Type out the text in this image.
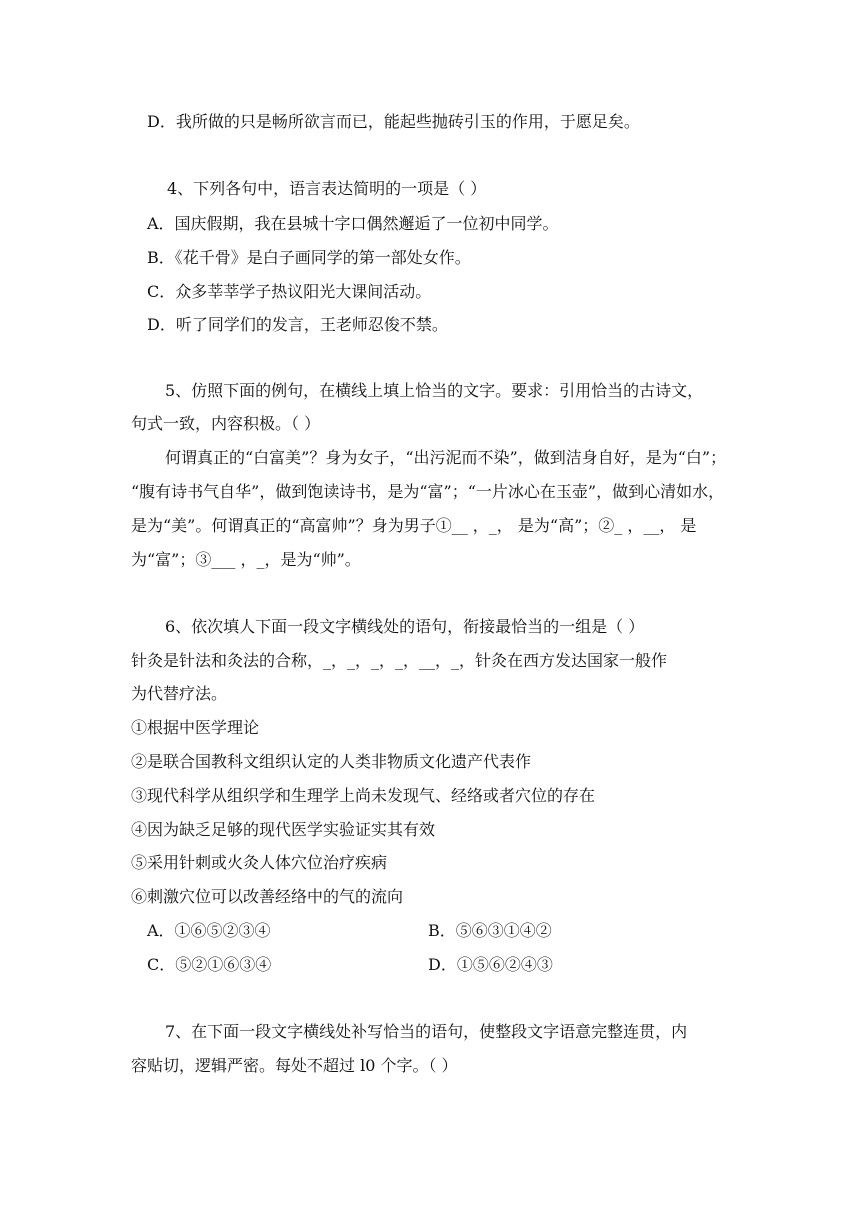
D．我所做的只是畅所欲言而已，能起些抛砖引玉的作用，于愿足矣。
4、下列各句中，语言表达简明的一项是（ ）
A．国庆假期，我在县城十字口偶然邂逅了一位初中同学。
B．《花千骨》是白子画同学的第一部处女作。
C．众多莘莘学子热议阳光大课间活动。
D．听了同学们的发言，王老师忍俊不禁。
5、仿照下面的例句，在横线上填上恰当的文字。要求：引用恰当的古诗文，
句式一致，内容积极。（ ）
何谓真正的“白富美”？身为女子，“出污泥而不染”，做到洁身自好，是为“白”；
“腹有诗书气自华”，做到饱读诗书，是为“富”；“一片冰心在玉壶”，做到心清如水，
是为“美”。何谓真正的“高富帅”？身为男子①__ ，_， 是为“高”；②_ ，__， 是
为“富”；③___ ，_，是为“帅”。
6、依次填人下面一段文字横线处的语句，衔接最恰当的一组是（ ）
针灸是针法和灸法的合称，_，_，_，_，__，_，针灸在西方发达国家一般作
为代替疗法。
①根据中医学理论
②是联合国教科文组织认定的人类非物质文化遗产代表作
③现代科学从组织学和生理学上尚未发现气、经络或者穴位的存在
④因为缺乏足够的现代医学实验证实其有效
⑤采用针刺或火灸人体穴位治疗疾病
⑥刺激穴位可以改善经络中的气的流向
A．①⑥⑤②③④	B．⑤⑥③①④②
C．⑤②①⑥③④	D．①⑤⑥②④③
7、在下面一段文字横线处补写恰当的语句，使整段文字语意完整连贯，内
容贴切，逻辑严密。每处不超过 l0 个字。（ ）
